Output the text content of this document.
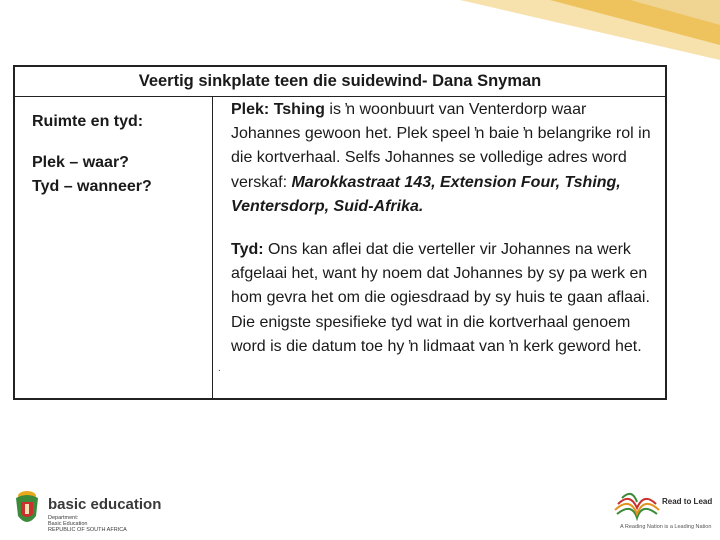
Veertig sinkplate teen die suidewind- Dana Snyman
Ruimte en tyd:
Plek – waar?
Tyd – wanneer?

Plek: Tshing is ŉ woonbuurt van Venterdorp waar Johannes gewoon het. Plek speel ŉ baie ŉ belangrike rol in die kortverhaal. Selfs Johannes se volledige adres word verskaf: Marokkastraat 143, Extension Four, Tshing, Ventersdorp, Suid-Afrika.

Tyd: Ons kan aflei dat die verteller vir Johannes na werk afgelaai het, want hy noem dat Johannes by sy pa werk en hom gevra het om die ogiesdraad by sy huis te gaan aflaai. Die enigste spesifieke tyd wat in die kortverhaal genoem word is die datum toe hy ŉ lidmaat van ŉ kerk geword het.

.
basic education
Department:
Basic Education
REPUBLIC OF SOUTH AFRICA
Read to Lead
A Reading Nation is a Leading Nation
